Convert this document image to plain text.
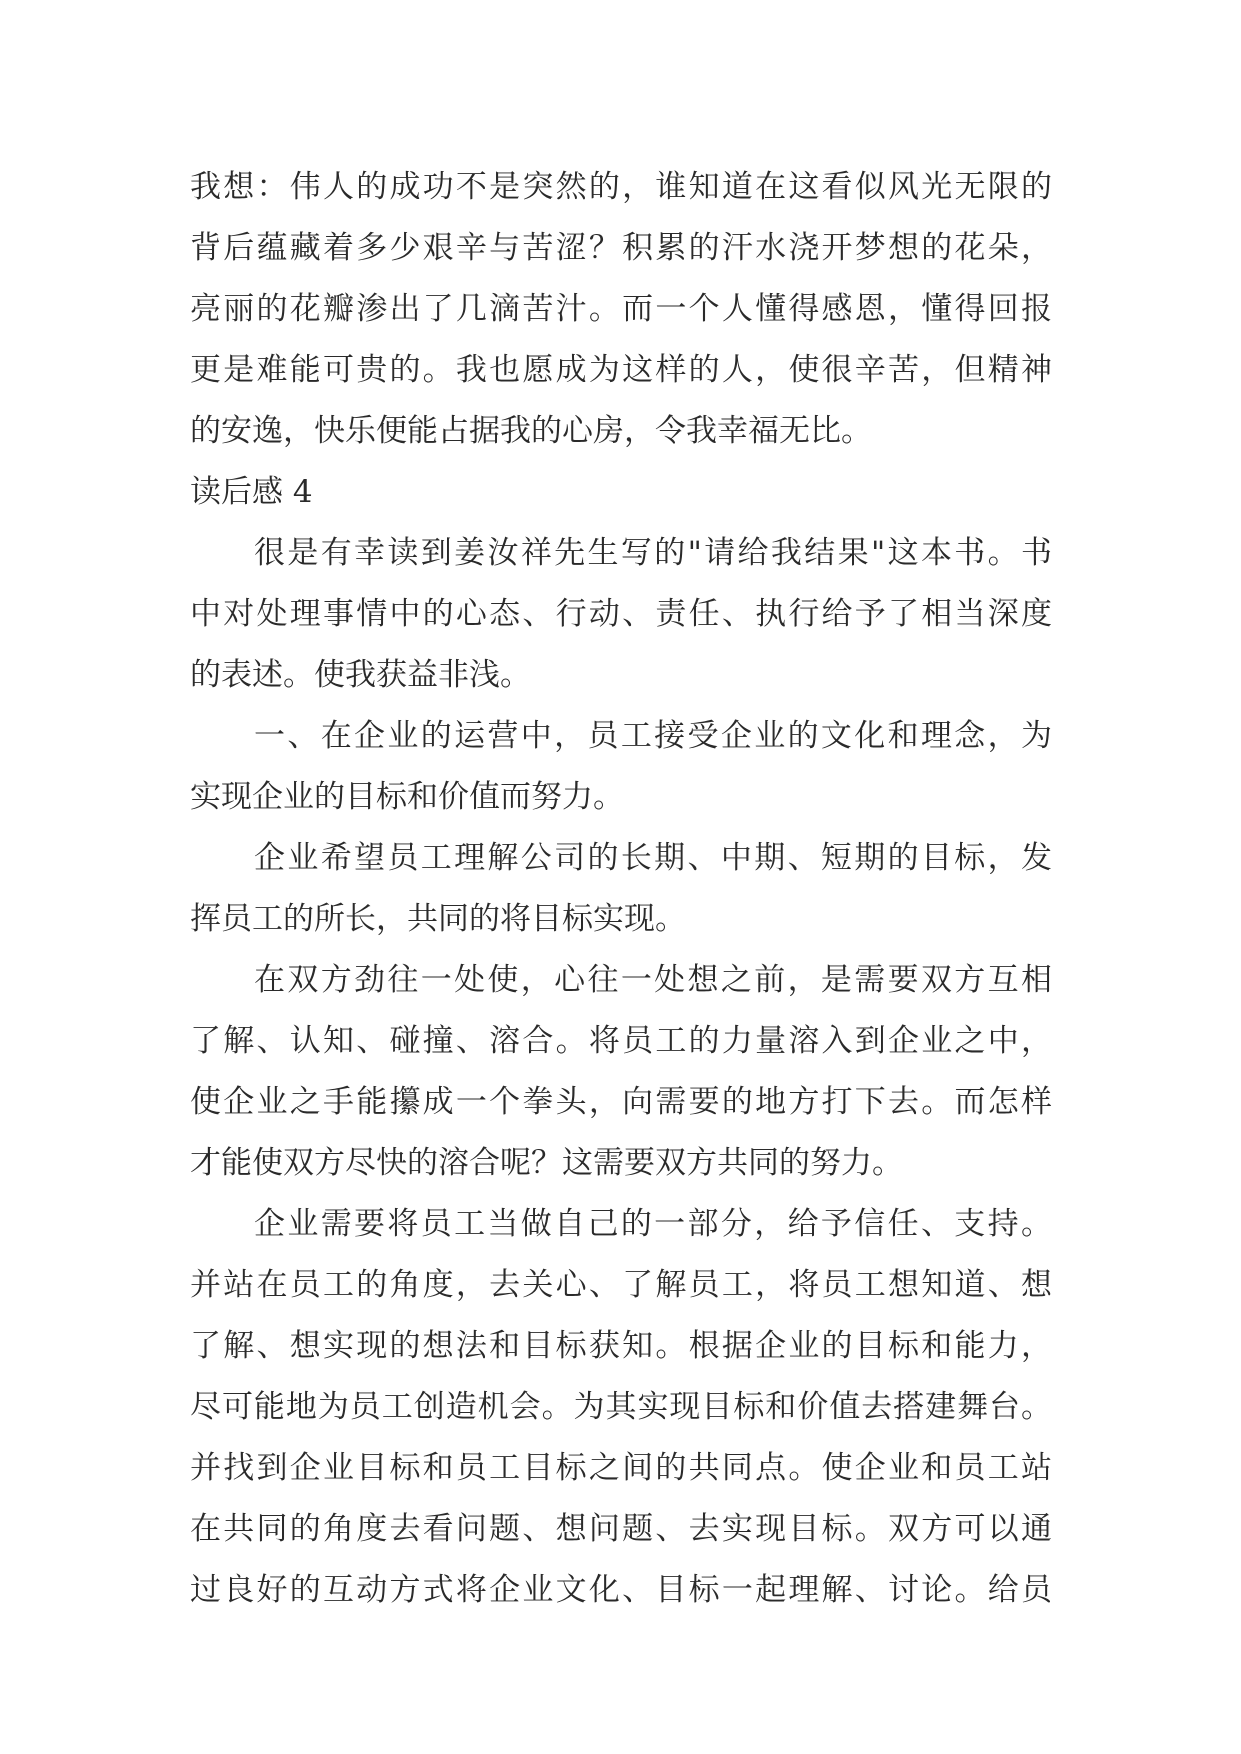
我想：伟人的成功不是突然的，谁知道在这看似风光无限的
背后蕴藏着多少艰辛与苦涩？积累的汗水浇开梦想的花朵，
亮丽的花瓣渗出了几滴苦汁。而一个人懂得感恩，懂得回报
更是难能可贵的。我也愿成为这样的人，使很辛苦，但精神
的安逸，快乐便能占据我的心房，令我幸福无比。
读后感 4
很是有幸读到姜汝祥先生写的"请给我结果"这本书。书
中对处理事情中的心态、行动、责任、执行给予了相当深度
的表述。使我获益非浅。
一、在企业的运营中，员工接受企业的文化和理念，为
实现企业的目标和价值而努力。
企业希望员工理解公司的长期、中期、短期的目标，发
挥员工的所长，共同的将目标实现。
在双方劲往一处使，心往一处想之前，是需要双方互相
了解、认知、碰撞、溶合。将员工的力量溶入到企业之中，
使企业之手能攥成一个拳头，向需要的地方打下去。而怎样
才能使双方尽快的溶合呢？这需要双方共同的努力。
企业需要将员工当做自己的一部分，给予信任、支持。
并站在员工的角度，去关心、了解员工，将员工想知道、想
了解、想实现的想法和目标获知。根据企业的目标和能力，
尽可能地为员工创造机会。为其实现目标和价值去搭建舞台。
并找到企业目标和员工目标之间的共同点。使企业和员工站
在共同的角度去看问题、想问题、去实现目标。双方可以通
过良好的互动方式将企业文化、目标一起理解、讨论。给员
